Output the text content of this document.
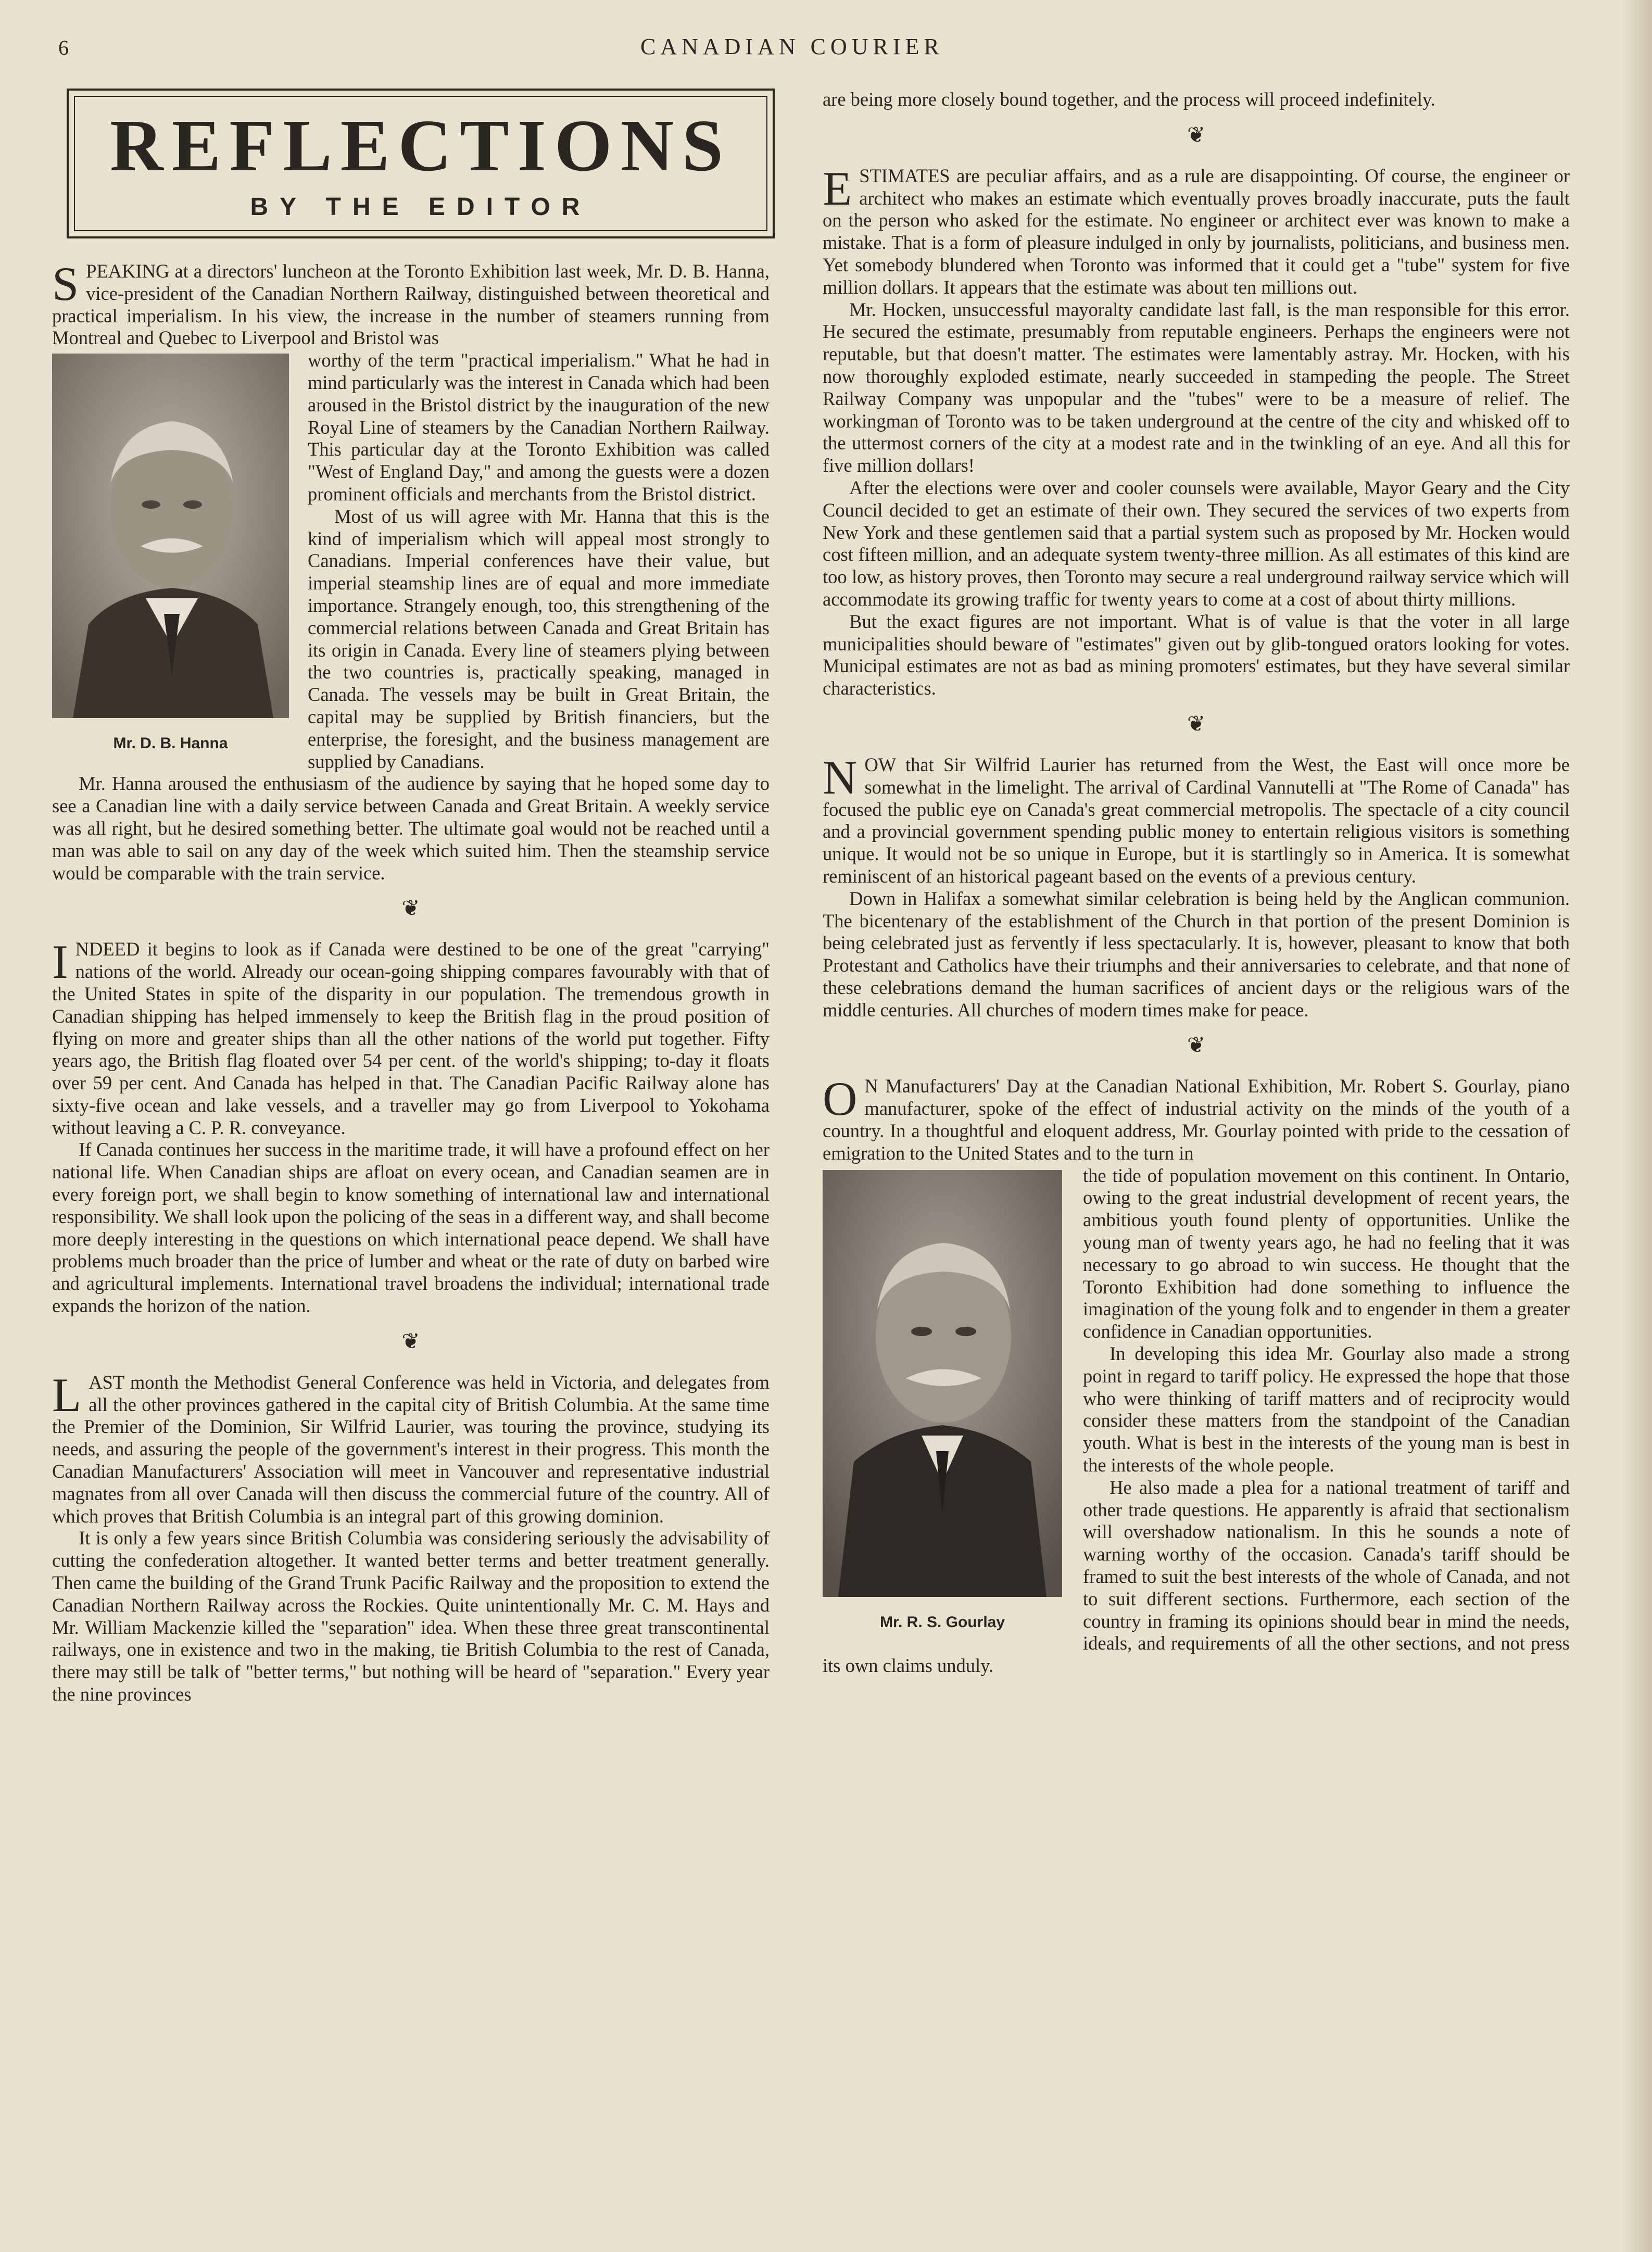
6	CANADIAN COURIER
REFLECTIONS
BY THE EDITOR

SPEAKING at a directors' luncheon at the Toronto Exhibition last week, Mr. D. B. Hanna, vice-president of the Canadian Northern Railway, distinguished between theoretical and practical imperialism. In his view, the increase in the number of steamers running from Montreal and Quebec to Liverpool and Bristol was

Mr. D. B. Hanna

worthy of the term "practical imperialism." What he had in mind particularly was the interest in Canada which had been aroused in the Bristol district by the inauguration of the new Royal Line of steamers by the Canadian Northern Railway. This particular day at the Toronto Exhibition was called "West of England Day," and among the guests were a dozen prominent officials and merchants from the Bristol district.

Most of us will agree with Mr. Hanna that this is the kind of imperialism which will appeal most strongly to Canadians. Imperial conferences have their value, but imperial steamship lines are of equal and more immediate importance. Strangely enough, too, this strengthening of the commercial relations between Canada and Great Britain has its origin in Canada. Every line of steamers plying between the two countries is, practically speaking, managed in Canada. The vessels may be built in Great Britain, the capital may be supplied by British financiers, but the enterprise, the foresight, and the business management are supplied by Canadians.

Mr. Hanna aroused the enthusiasm of the audience by saying that he hoped some day to see a Canadian line with a daily service between Canada and Great Britain. A weekly service was all right, but he desired something better. The ultimate goal would not be reached until a man was able to sail on any day of the week which suited him. Then the steamship service would be comparable with the train service.

❦

INDEED it begins to look as if Canada were destined to be one of the great "carrying" nations of the world. Already our ocean-going shipping compares favourably with that of the United States in spite of the disparity in our population. The tremendous growth in Canadian shipping has helped immensely to keep the British flag in the proud position of flying on more and greater ships than all the other nations of the world put together. Fifty years ago, the British flag floated over 54 per cent. of the world's shipping; to-day it floats over 59 per cent. And Canada has helped in that. The Canadian Pacific Railway alone has sixty-five ocean and lake vessels, and a traveller may go from Liverpool to Yokohama without leaving a C. P. R. conveyance.

If Canada continues her success in the maritime trade, it will have a profound effect on her national life. When Canadian ships are afloat on every ocean, and Canadian seamen are in every foreign port, we shall begin to know something of international law and international responsibility. We shall look upon the policing of the seas in a different way, and shall become more deeply interesting in the questions on which international peace depend. We shall have problems much broader than the price of lumber and wheat or the rate of duty on barbed wire and agricultural implements. International travel broadens the individual; international trade expands the horizon of the nation.

❦

LAST month the Methodist General Conference was held in Victoria, and delegates from all the other provinces gathered in the capital city of British Columbia. At the same time the Premier of the Dominion, Sir Wilfrid Laurier, was touring the province, studying its needs, and assuring the people of the government's interest in their progress. This month the Canadian Manufacturers' Association will meet in Vancouver and representative industrial magnates from all over Canada will then discuss the commercial future of the country. All of which proves that British Columbia is an integral part of this growing dominion.

It is only a few years since British Columbia was considering seriously the advisability of cutting the confederation altogether. It wanted better terms and better treatment generally. Then came the building of the Grand Trunk Pacific Railway and the proposition to extend the Canadian Northern Railway across the Rockies. Quite unintentionally Mr. C. M. Hays and Mr. William Mackenzie killed the "separation" idea. When these three great transcontinental railways, one in existence and two in the making, tie British Columbia to the rest of Canada, there may still be talk of "better terms," but nothing will be heard of "separation." Every year the nine provinces

are being more closely bound together, and the process will proceed indefinitely.

❦

ESTIMATES are peculiar affairs, and as a rule are disappointing. Of course, the engineer or architect who makes an estimate which eventually proves broadly inaccurate, puts the fault on the person who asked for the estimate. No engineer or architect ever was known to make a mistake. That is a form of pleasure indulged in only by journalists, politicians, and business men. Yet somebody blundered when Toronto was informed that it could get a "tube" system for five million dollars. It appears that the estimate was about ten millions out.

Mr. Hocken, unsuccessful mayoralty candidate last fall, is the man responsible for this error. He secured the estimate, presumably from reputable engineers. Perhaps the engineers were not reputable, but that doesn't matter. The estimates were lamentably astray. Mr. Hocken, with his now thoroughly exploded estimate, nearly succeeded in stampeding the people. The Street Railway Company was unpopular and the "tubes" were to be a measure of relief. The workingman of Toronto was to be taken underground at the centre of the city and whisked off to the uttermost corners of the city at a modest rate and in the twinkling of an eye. And all this for five million dollars!

After the elections were over and cooler counsels were available, Mayor Geary and the City Council decided to get an estimate of their own. They secured the services of two experts from New York and these gentlemen said that a partial system such as proposed by Mr. Hocken would cost fifteen million, and an adequate system twenty-three million. As all estimates of this kind are too low, as history proves, then Toronto may secure a real underground railway service which will accommodate its growing traffic for twenty years to come at a cost of about thirty millions.

But the exact figures are not important. What is of value is that the voter in all large municipalities should beware of "estimates" given out by glib-tongued orators looking for votes. Municipal estimates are not as bad as mining promoters' estimates, but they have several similar characteristics.

❦

NOW that Sir Wilfrid Laurier has returned from the West, the East will once more be somewhat in the limelight. The arrival of Cardinal Vannutelli at "The Rome of Canada" has focused the public eye on Canada's great commercial metropolis. The spectacle of a city council and a provincial government spending public money to entertain religious visitors is something unique. It would not be so unique in Europe, but it is startlingly so in America. It is somewhat reminiscent of an historical pageant based on the events of a previous century.

Down in Halifax a somewhat similar celebration is being held by the Anglican communion. The bicentenary of the establishment of the Church in that portion of the present Dominion is being celebrated just as fervently if less spectacularly. It is, however, pleasant to know that both Protestant and Catholics have their triumphs and their anniversaries to celebrate, and that none of these celebrations demand the human sacrifices of ancient days or the religious wars of the middle centuries. All churches of modern times make for peace.

❦

O N Manufacturers' Day at the Canadian National Exhibition, Mr. Robert S. Gourlay, piano manufacturer, spoke of the effect of industrial activity on the minds of the youth of a country. In a thoughtful and eloquent address, Mr. Gourlay pointed with pride to the cessation of emigration to the United States and to the turn in

Mr. R. S. Gourlay

the tide of population movement on this continent. In Ontario, owing to the great industrial development of recent years, the ambitious youth found plenty of opportunities. Unlike the young man of twenty years ago, he had no feeling that it was necessary to go abroad to win success. He thought that the Toronto Exhibition had done something to influence the imagination of the young folk and to engender in them a greater confidence in Canadian opportunities.

In developing this idea Mr. Gourlay also made a strong point in regard to tariff policy. He expressed the hope that those who were thinking of tariff matters and of reciprocity would consider these matters from the standpoint of the Canadian youth. What is best in the interests of the young man is best in the interests of the whole people.

He also made a plea for a national treatment of tariff and other trade questions. He apparently is afraid that sectionalism will overshadow nationalism. In this he sounds a note of warning worthy of the occasion. Canada's tariff should be framed to suit the best interests of the whole of Canada, and not to suit different sections. Furthermore, each section of the country in framing its opinions should bear in mind the needs, ideals, and requirements of all the other sections, and not press its own claims unduly.
